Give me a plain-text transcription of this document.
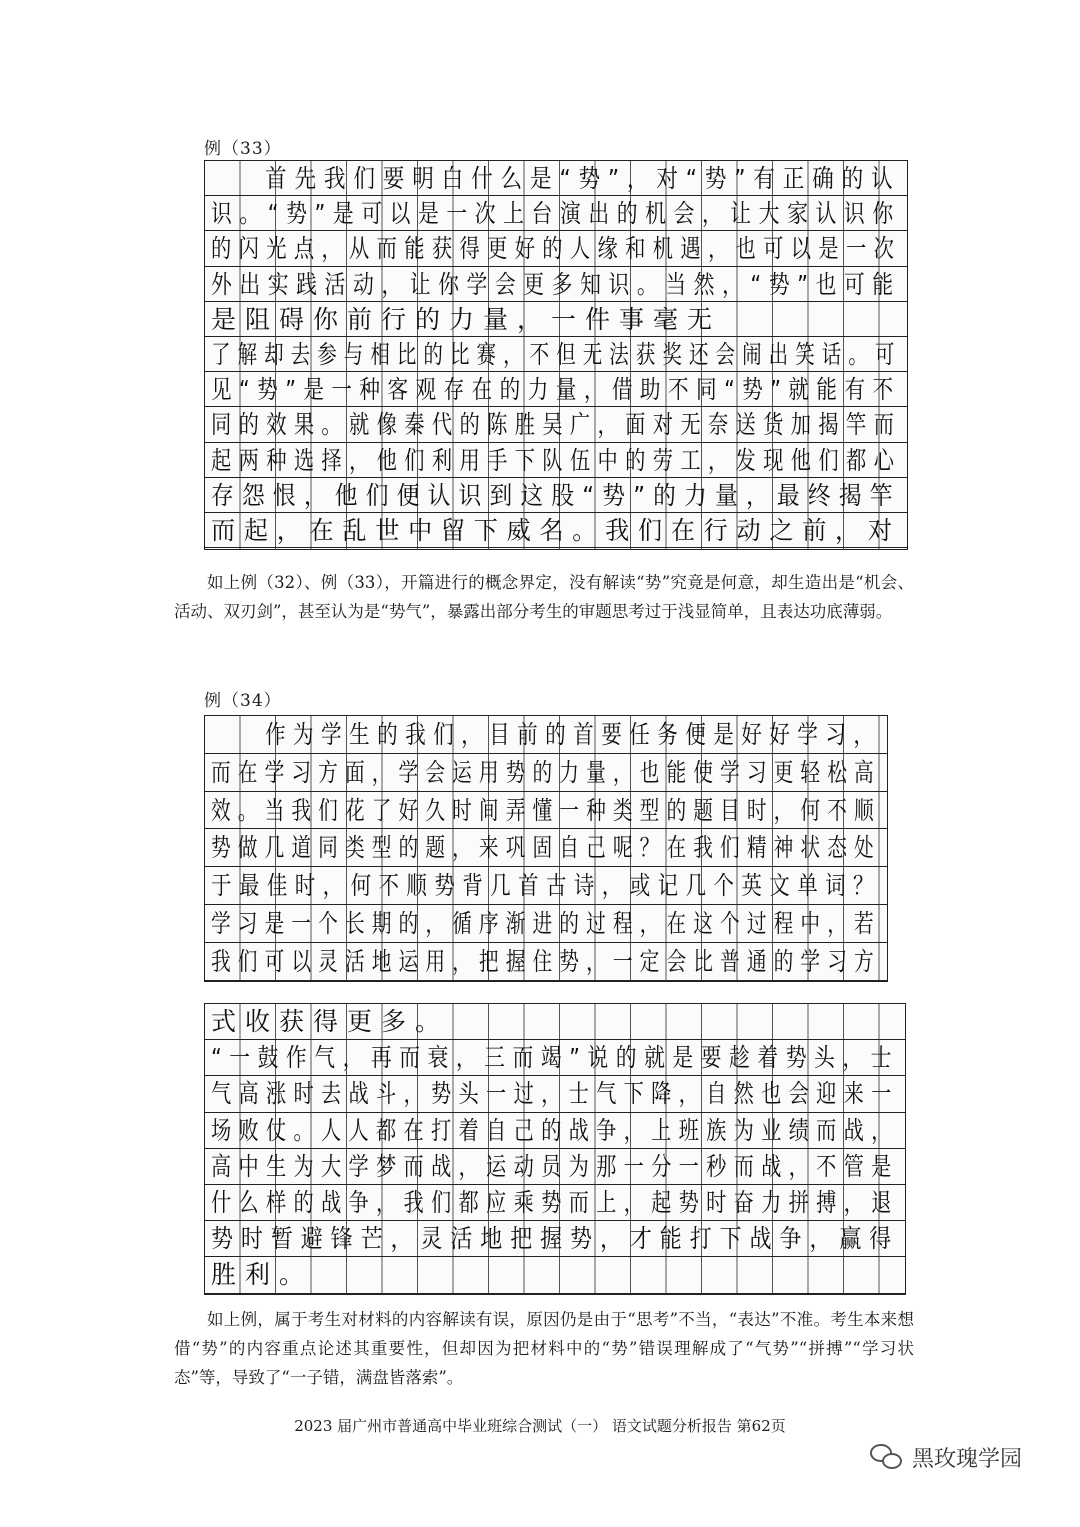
例（33）
首先我们要明白什么是“势”，对“势”有正确的认
识。“势”是可以是一次上台演出的机会，让大家认识你
的闪光点，从而能获得更好的人缘和机遇，也可以是一次
外出实践活动，让你学会更多知识。当然，“势”也可能
是阻碍你前行的力量，一件事毫无
了解却去参与相比的比赛，不但无法获奖还会闹出笑话。可
见“势”是一种客观存在的力量，借助不同“势”就能有不
同的效果。就像秦代的陈胜吴广，面对无奈送货加揭竿而
起两种选择，他们利用手下队伍中的劳工，发现他们都心
存怨恨，他们便认识到这股“势”的力量，最终揭竿
而起，在乱世中留下威名。我们在行动之前，对

如上例（32）、例（33），开篇进行的概念界定，没有解读“势”究竟是何意，却生造出是“机会、活动、双刃剑”，甚至认为是“势气”，暴露出部分考生的审题思考过于浅显简单，且表达功底薄弱。

例（34）
作为学生的我们，目前的首要任务便是好好学习，
而在学习方面，学会运用势的力量，也能使学习更轻松高
效。当我们花了好久时间弄懂一种类型的题目时，何不顺
势做几道同类型的题，来巩固自己呢？在我们精神状态处
于最佳时，何不顺势背几首古诗，或记几个英文单词？
学习是一个长期的，循序渐进的过程，在这个过程中，若
我们可以灵活地运用，把握住势，一定会比普通的学习方
式收获得更多。
“一鼓作气，再而衰，三而竭”说的就是要趁着势头，士
气高涨时去战斗，势头一过，士气下降，自然也会迎来一
场败仗。人人都在打着自己的战争，上班族为业绩而战，
高中生为大学梦而战，运动员为那一分一秒而战，不管是
什么样的战争，我们都应乘势而上，起势时奋力拼搏，退
势时暂避锋芒，灵活地把握势，才能打下战争，赢得
胜利。

如上例，属于考生对材料的内容解读有误，原因仍是由于“思考”不当，“表达”不准。考生本来想借“势”的内容重点论述其重要性，但却因为把材料中的“势”错误理解成了“气势”“拼搏”“学习状态”等，导致了“一子错，满盘皆落索”。

2023 届广州市普通高中毕业班综合测试（一） 语文试题分析报告 第62页
黑玫瑰学园
